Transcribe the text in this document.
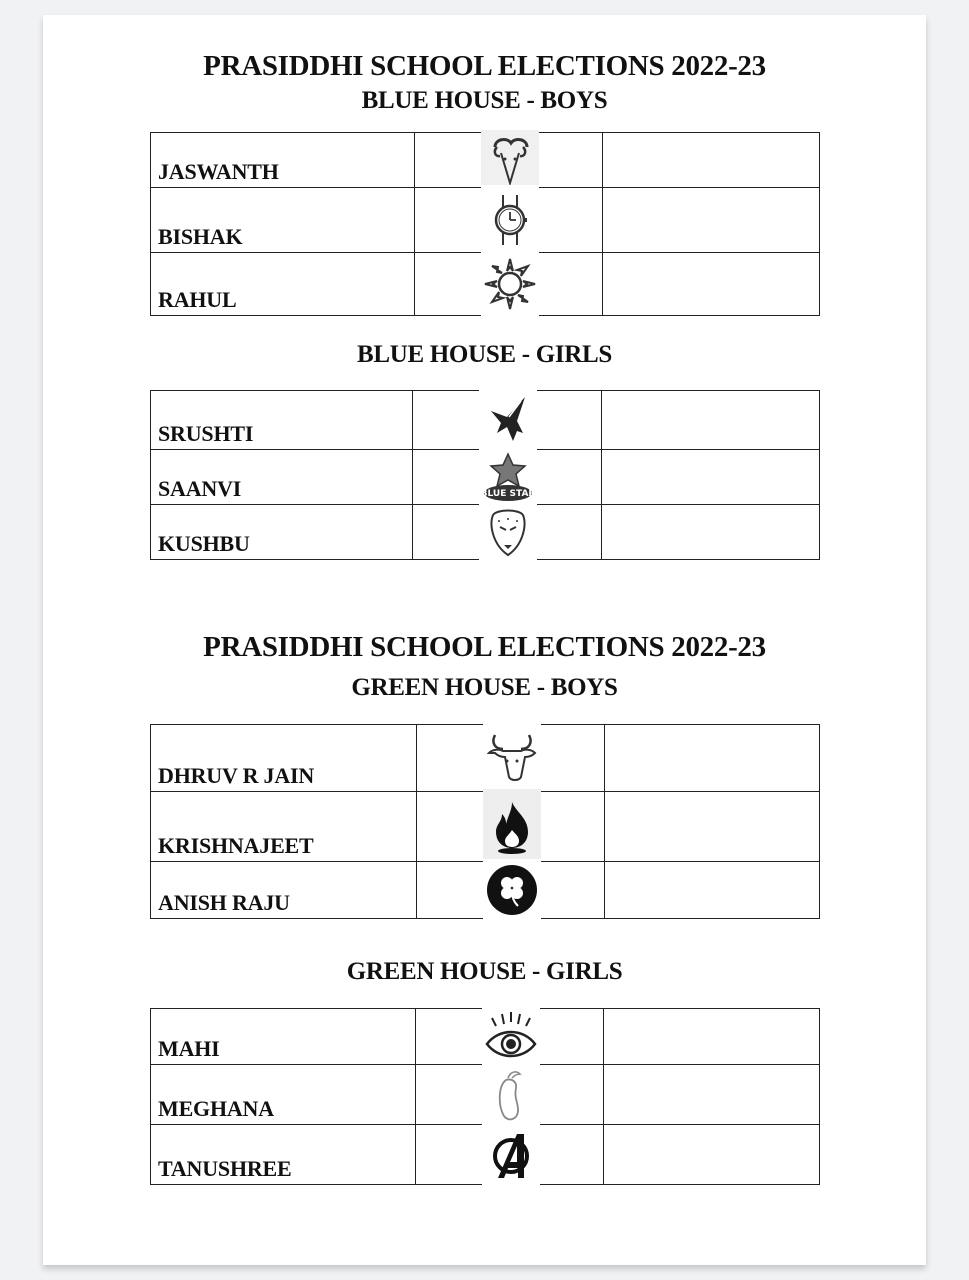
PRASIDDHI SCHOOL ELECTIONS 2022-23
BLUE HOUSE - BOYS
JASWANTH	

BISHAK	

RAHUL	

BLUE HOUSE - GIRLS
SRUSHTI	

SAANVI	BLUE STAR	

KUSHBU	

PRASIDDHI SCHOOL ELECTIONS 2022-23
GREEN HOUSE - BOYS
DHRUV R JAIN	

KRISHNAJEET	

ANISH RAJU	

GREEN HOUSE - GIRLS
MAHI	

MEGHANA	

TANUSHREE	
